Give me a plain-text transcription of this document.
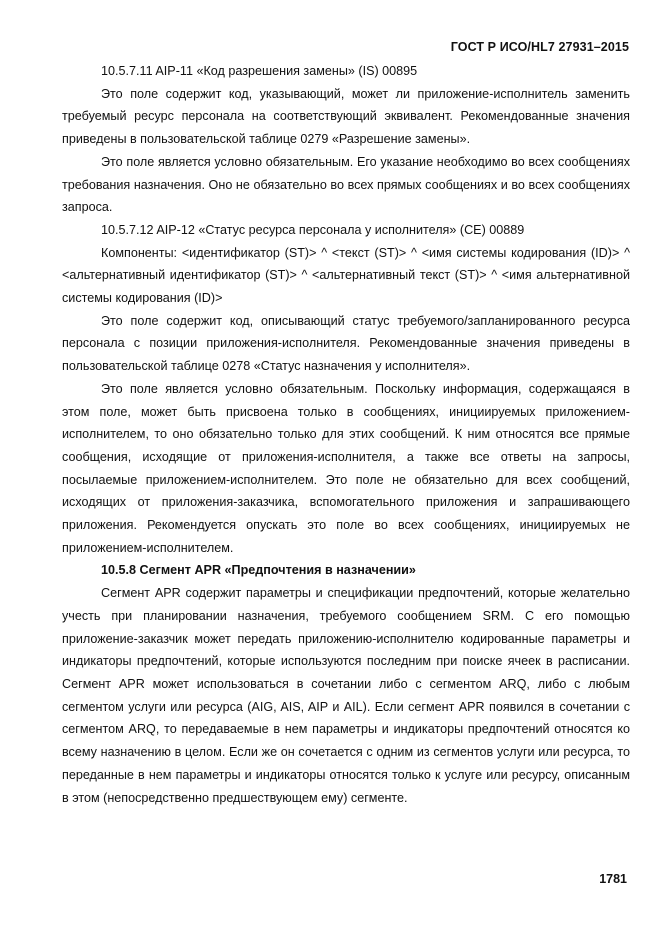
ГОСТ Р ИСО/HL7 27931–2015

10.5.7.11 AIP-11 «Код разрешения замены» (IS) 00895

Это поле содержит код, указывающий, может ли приложение-исполнитель заменить требуемый ресурс персонала на соответствующий эквивалент. Рекомендованные значения приведены в пользовательской таблице 0279 «Разрешение замены».

Это поле является условно обязательным. Его указание необходимо во всех сообщениях требования назначения. Оно не обязательно во всех прямых сообщениях и во всех сообщениях запроса.

10.5.7.12 AIP-12 «Статус ресурса персонала у исполнителя» (CE) 00889

Компоненты: <идентификатор (ST)> ^ <текст (ST)> ^ <имя системы кодирования (ID)> ^ <альтернативный идентификатор (ST)> ^ <альтернативный текст (ST)> ^ <имя альтернативной системы кодирования (ID)>

Это поле содержит код, описывающий статус требуемого/запланированного ресурса персонала с позиции приложения-исполнителя. Рекомендованные значения приведены в пользовательской таблице 0278 «Статус назначения у исполнителя».

Это поле является условно обязательным. Поскольку информация, содержащаяся в этом поле, может быть присвоена только в сообщениях, инициируемых приложением-исполнителем, то оно обязательно только для этих сообщений. К ним относятся все прямые сообщения, исходящие от приложения-исполнителя, а также все ответы на запросы, посылаемые приложением-исполнителем. Это поле не обязательно для всех сообщений, исходящих от приложения-заказчика, вспомогательного приложения и запрашивающего приложения. Рекомендуется опускать это поле во всех сообщениях, инициируемых не приложением-исполнителем.

10.5.8 Сегмент APR «Предпочтения в назначении»

Сегмент APR содержит параметры и спецификации предпочтений, которые желательно учесть при планировании назначения, требуемого сообщением SRM. С его помощью приложение-заказчик может передать приложению-исполнителю кодированные параметры и индикаторы предпочтений, которые используются последним при поиске ячеек в расписании. Сегмент APR может использоваться в сочетании либо с сегментом ARQ, либо с любым сегментом услуги или ресурса (AIG, AIS, AIP и AIL). Если сегмент APR появился в сочетании с сегментом ARQ, то передаваемые в нем параметры и индикаторы предпочтений относятся ко всему назначению в целом. Если же он сочетается с одним из сегментов услуги или ресурса, то переданные в нем параметры и индикаторы относятся только к услуге или ресурсу, описанным в этом (непосредственно предшествующем ему) сегменте.

1781
